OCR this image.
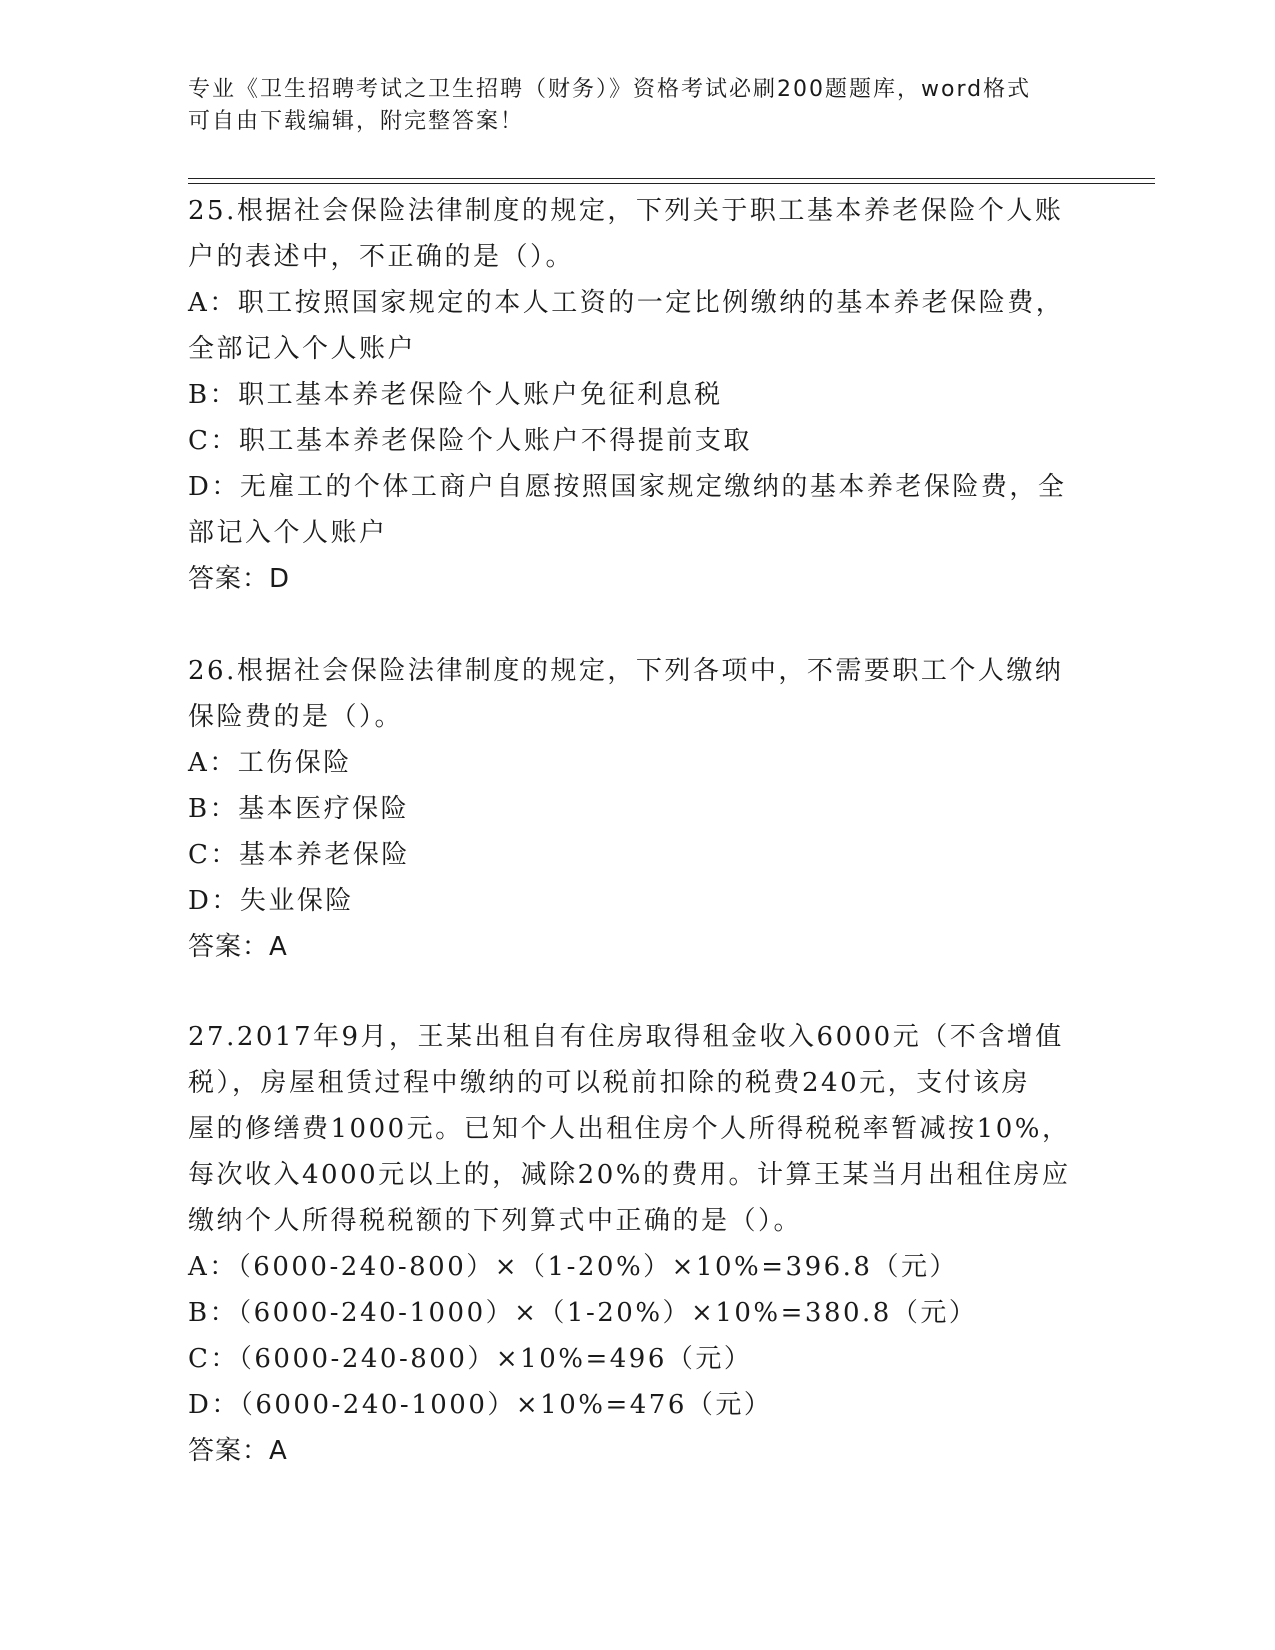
专业《卫生招聘考试之卫生招聘（财务）》资格考试必刷200题题库，word格式
可自由下载编辑，附完整答案！
25.根据社会保险法律制度的规定，下列关于职工基本养老保险个人账
户的表述中，不正确的是（）。
A：职工按照国家规定的本人工资的一定比例缴纳的基本养老保险费，
全部记入个人账户
B：职工基本养老保险个人账户免征利息税
C：职工基本养老保险个人账户不得提前支取
D：无雇工的个体工商户自愿按照国家规定缴纳的基本养老保险费，全
部记入个人账户
答案：D
26.根据社会保险法律制度的规定，下列各项中，不需要职工个人缴纳
保险费的是（）。
A：工伤保险
B：基本医疗保险
C：基本养老保险
D：失业保险
答案：A
27.2017年9月，王某出租自有住房取得租金收入6000元（不含增值
税），房屋租赁过程中缴纳的可以税前扣除的税费240元，支付该房
屋的修缮费1000元。已知个人出租住房个人所得税税率暂减按10%，
每次收入4000元以上的，减除20%的费用。计算王某当月出租住房应
缴纳个人所得税税额的下列算式中正确的是（）。
A：（6000-240-800）×（1-20%）×10%=396.8（元）
B：（6000-240-1000）×（1-20%）×10%=380.8（元）
C：（6000-240-800）×10%=496（元）
D：（6000-240-1000）×10%=476（元）
答案：A
